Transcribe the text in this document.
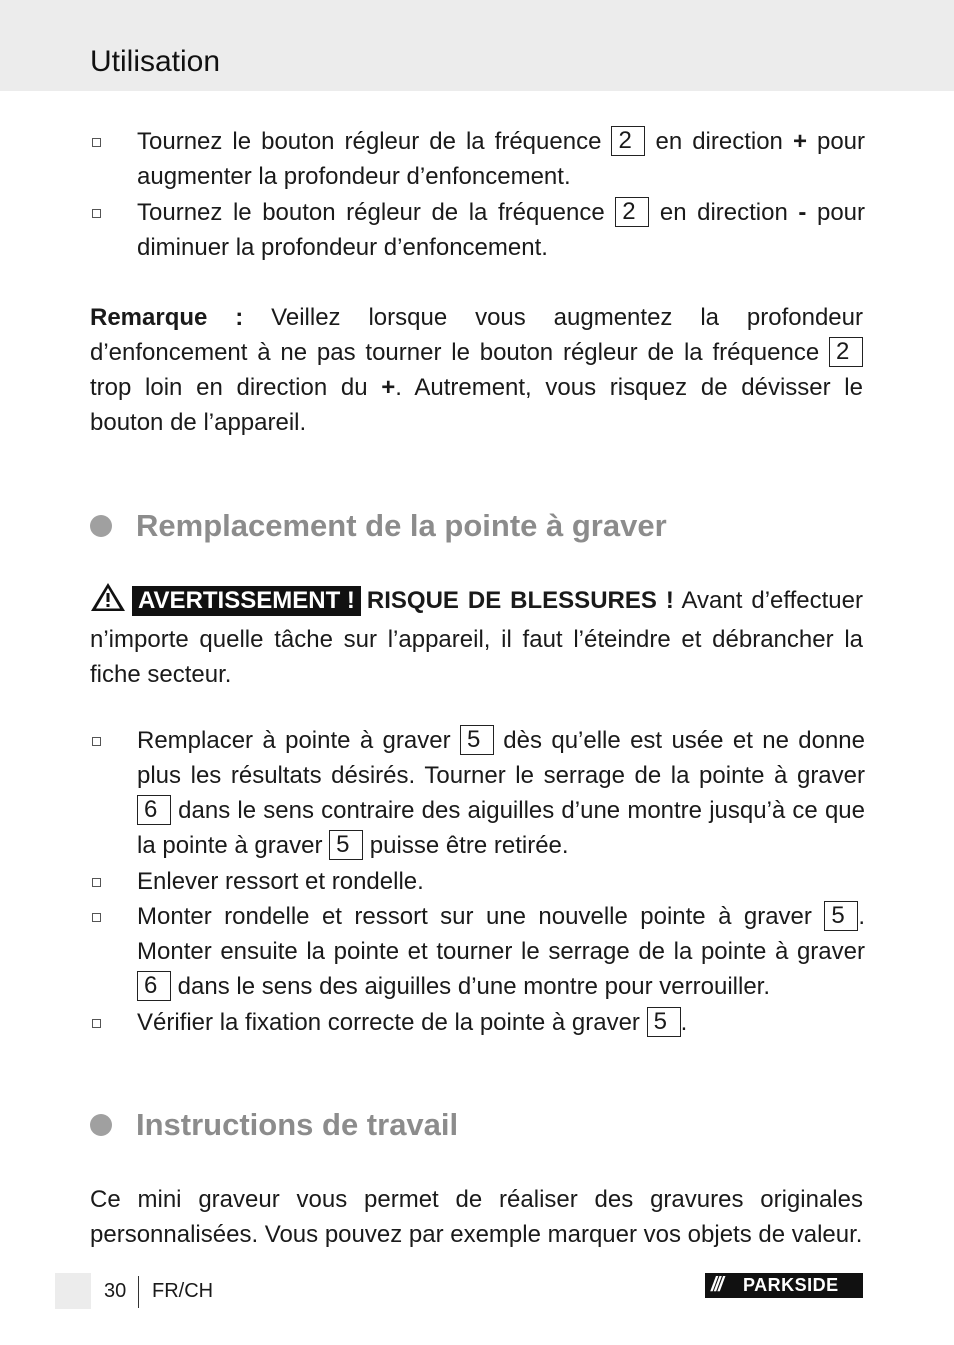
Utilisation
Tournez le bouton régleur de la fréquence 2 en direction + pour augmenter la profondeur d’enfoncement.
Tournez le bouton régleur de la fréquence 2 en direction - pour diminuer la profondeur d’enfoncement.
Remarque : Veillez lorsque vous augmentez la profondeur d’enfoncement à ne pas tourner le bouton régleur de la fréquence 2 trop loin en direction du +. Autrement, vous risquez de dévisser le bouton de l’appareil.
Remplacement de la pointe à graver
AVERTISSEMENT ! RISQUE DE BLESSURES ! Avant d’effectuer n’importe quelle tâche sur l’appareil, il faut l’éteindre et débrancher la fiche secteur.
Remplacer à pointe à graver 5 dès qu’elle est usée et ne donne plus les résultats désirés. Tourner le serrage de la pointe à graver 6 dans le sens contraire des aiguilles d’une montre jusqu’à ce que la pointe à graver 5 puisse être retirée.
Enlever ressort et rondelle.
Monter rondelle et ressort sur une nouvelle pointe à graver 5 . Monter ensuite la pointe et tourner le serrage de la pointe à graver 6 dans le sens des aiguilles d’une montre pour verrouiller.
Vérifier la fixation correcte de la pointe à graver 5 .
Instructions de travail
Ce mini graveur vous permet de réaliser des gravures originales personnalisées. Vous pouvez par exemple marquer vos objets de valeur.
30 FR/CH	///	PARKSIDE
